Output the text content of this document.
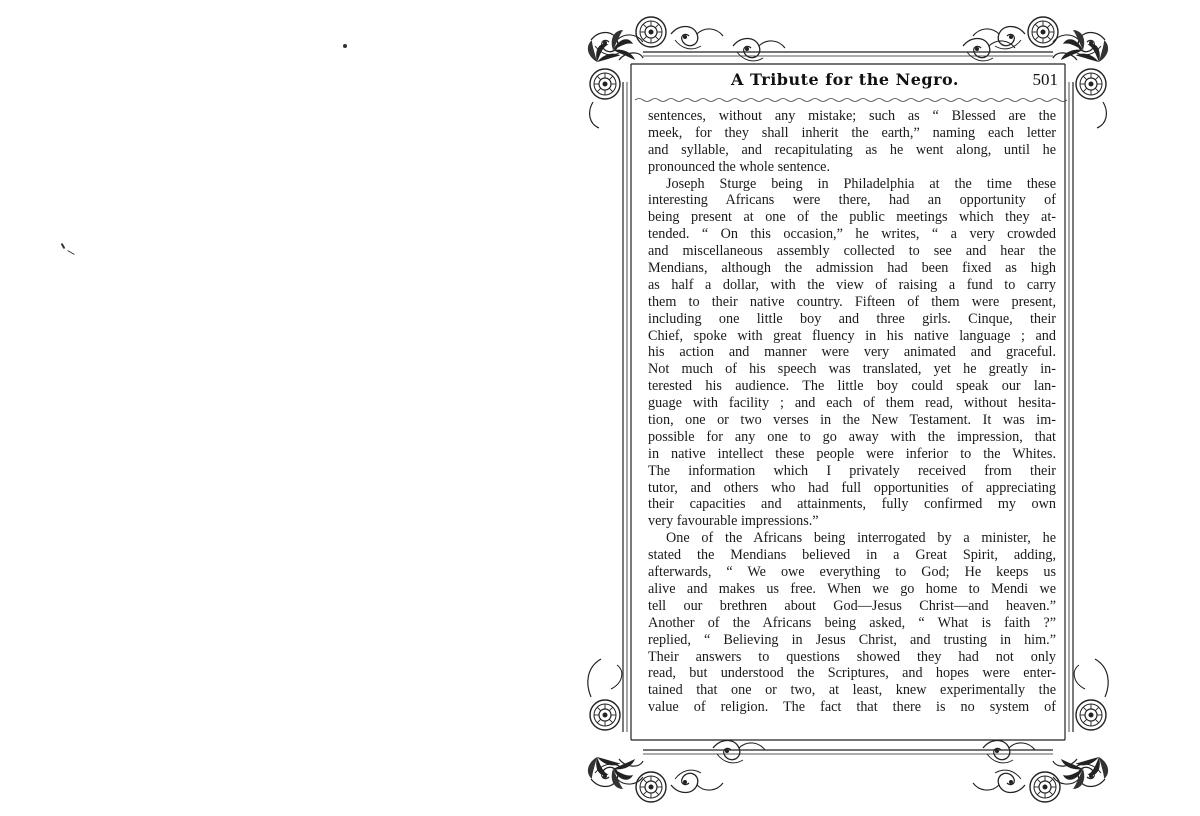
A Tribute for the Negro.	501
sentences, without any mistake; such as “ Blessed are the
meek, for they shall inherit the earth,” naming each letter
and syllable, and recapitulating as he went along, until he
pronounced the whole sentence.
Joseph Sturge being in Philadelphia at the time these
interesting Africans were there, had an opportunity of
being present at one of the public meetings which they at-
tended. “ On this occasion,” he writes, “ a very crowded
and miscellaneous assembly collected to see and hear the
Mendians, although the admission had been fixed as high
as half a dollar, with the view of raising a fund to carry
them to their native country. Fifteen of them were present,
including one little boy and three girls. Cinque, their
Chief, spoke with great fluency in his native language ; and
his action and manner were very animated and graceful.
Not much of his speech was translated, yet he greatly in-
terested his audience. The little boy could speak our lan-
guage with facility ; and each of them read, without hesita-
tion, one or two verses in the New Testament. It was im-
possible for any one to go away with the impression, that
in native intellect these people were inferior to the Whites.
The information which I privately received from their
tutor, and others who had full opportunities of appreciating
their capacities and attainments, fully confirmed my own
very favourable impressions.”
One of the Africans being interrogated by a minister, he
stated the Mendians believed in a Great Spirit, adding,
afterwards, “ We owe everything to God; He keeps us
alive and makes us free. When we go home to Mendi we
tell our brethren about God—Jesus Christ—and heaven.”
Another of the Africans being asked, “ What is faith ?”
replied, “ Believing in Jesus Christ, and trusting in him.”
Their answers to questions showed they had not only
read, but understood the Scriptures, and hopes were enter-
tained that one or two, at least, knew experimentally the
value of religion. The fact that there is no system of
